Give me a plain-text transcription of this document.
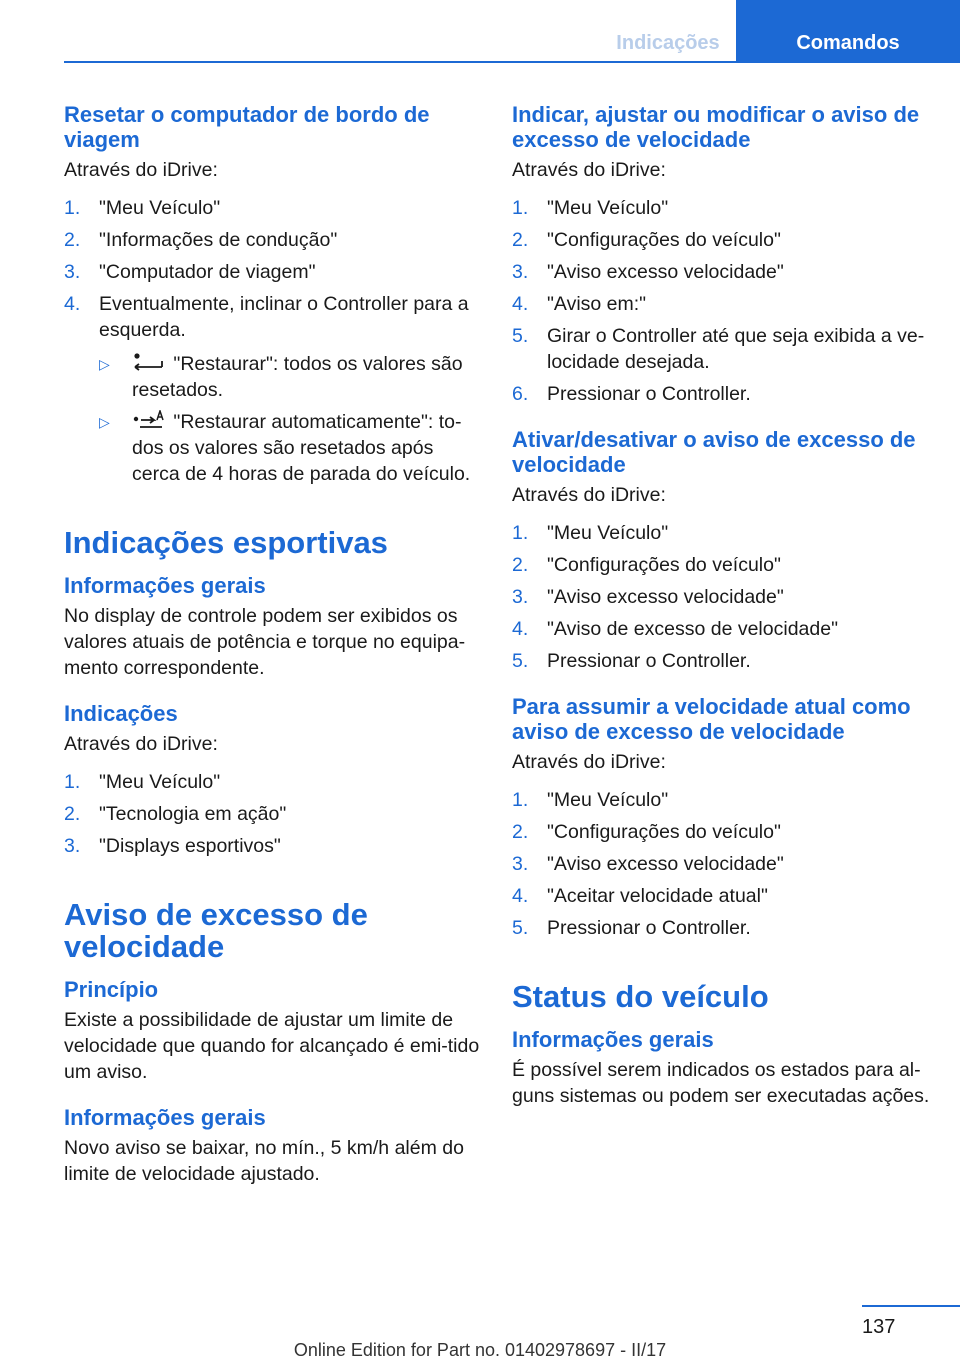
Indicações	Comandos
Resetar o computador de bordo de viagem

Através do iDrive:

1. "Meu Veículo"
2. "Informações de condução"
3. "Computador de viagem"
4. Eventualmente, inclinar o Controller para a esquerda.
▷	"Restaurar": todos os valores são resetados.
▷	"Restaurar automaticamente": to‐dos os valores são resetados após cerca de 4 horas de parada do veículo.
Indicações esportivas
Informações gerais

No display de controle podem ser exibidos os valores atuais de potência e torque no equipa‐mento correspondente.

Indicações

Através do iDrive:

1. "Meu Veículo"
2. "Tecnologia em ação"
3. "Displays esportivos"
Aviso de excesso de velocidade
Princípio

Existe a possibilidade de ajustar um limite de velocidade que quando for alcançado é emi‐tido um aviso.

Informações gerais

Novo aviso se baixar, no mín., 5 km/h além do limite de velocidade ajustado.

Indicar, ajustar ou modificar o aviso de excesso de velocidade

Através do iDrive:

1. "Meu Veículo"
2. "Configurações do veículo"
3. "Aviso excesso velocidade"
4. "Aviso em:"
5. Girar o Controller até que seja exibida a ve‐locidade desejada.
6. Pressionar o Controller.
Ativar/desativar o aviso de excesso de velocidade

Através do iDrive:

1. "Meu Veículo"
2. "Configurações do veículo"
3. "Aviso excesso velocidade"
4. "Aviso de excesso de velocidade"
5. Pressionar o Controller.
Para assumir a velocidade atual como aviso de excesso de velocidade

Através do iDrive:

1. "Meu Veículo"
2. "Configurações do veículo"
3. "Aviso excesso velocidade"
4. "Aceitar velocidade atual"
5. Pressionar o Controller.
Status do veículo
Informações gerais

É possível serem indicados os estados para al‐guns sistemas ou podem ser executadas ações.

137
Online Edition for Part no. 01402978697 - II/17
